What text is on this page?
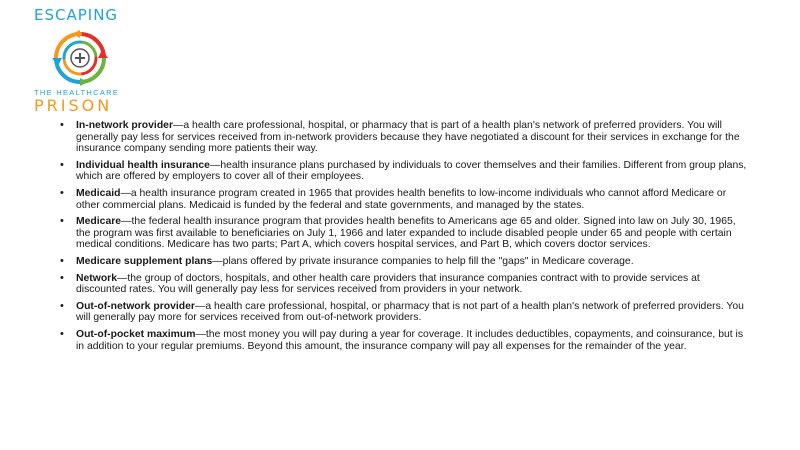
ESCAPING
THE HEALTHCARE
PRISON
• In-network provider—a health care professional, hospital, or pharmacy that is part of a health plan's network of preferred providers. You will generally pay less for services received from in-network providers because they have negotiated a discount for their services in exchange for the insurance company sending more patients their way.
• Individual health insurance—health insurance plans purchased by individuals to cover themselves and their families. Different from group plans, which are offered by employers to cover all of their employees.
• Medicaid—a health insurance program created in 1965 that provides health benefits to low-income individuals who cannot afford Medicare or other commercial plans. Medicaid is funded by the federal and state governments, and managed by the states.
• Medicare—the federal health insurance program that provides health benefits to Americans age 65 and older. Signed into law on July 30, 1965, the program was first available to beneficiaries on July 1, 1966 and later expanded to include disabled people under 65 and people with certain medical conditions. Medicare has two parts; Part A, which covers hospital services, and Part B, which covers doctor services.
• Medicare supplement plans—plans offered by private insurance companies to help fill the "gaps" in Medicare coverage.
• Network—the group of doctors, hospitals, and other health care providers that insurance companies contract with to provide services at discounted rates. You will generally pay less for services received from providers in your network.
• Out-of-network provider—a health care professional, hospital, or pharmacy that is not part of a health plan's network of preferred providers. You will generally pay more for services received from out-of-network providers.
• Out-of-pocket maximum—the most money you will pay during a year for coverage. It includes deductibles, copayments, and coinsurance, but is in addition to your regular premiums. Beyond this amount, the insurance company will pay all expenses for the remainder of the year.
